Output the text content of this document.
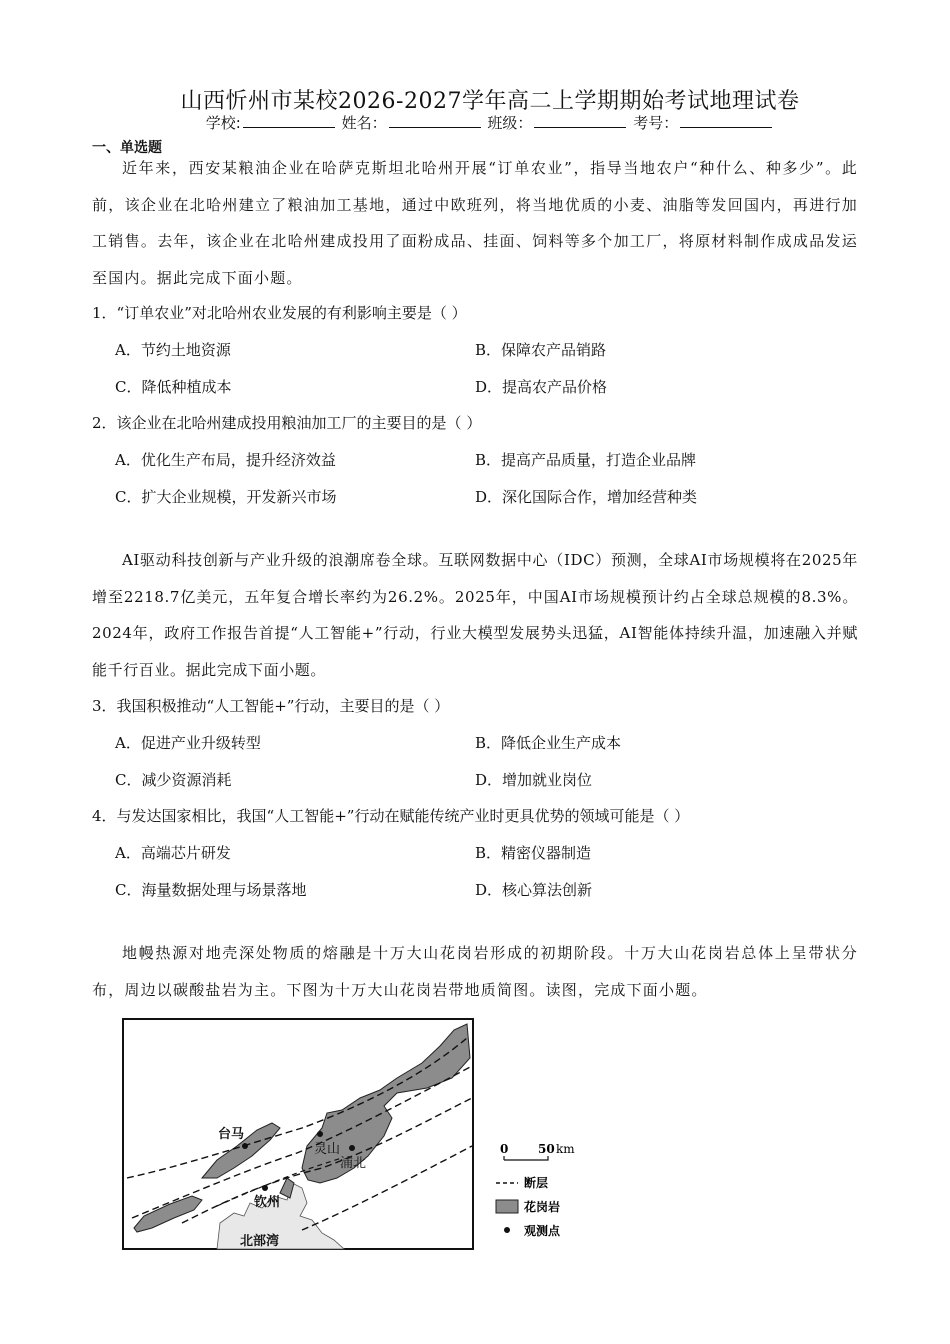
山西忻州市某校2026-2027学年高二上学期期始考试地理试卷
学校:	姓名：	班级：	考号：
一、单选题
近年来，西安某粮油企业在哈萨克斯坦北哈州开展“订单农业”，指导当地农户“种什么、种多少”。此前，该企业在北哈州建立了粮油加工基地，通过中欧班列，将当地优质的小麦、油脂等发回国内，再进行加工销售。去年，该企业在北哈州建成投用了面粉成品、挂面、饲料等多个加工厂，将原材料制作成成品发运至国内。据此完成下面小题。
1．“订单农业”对北哈州农业发展的有利影响主要是（ ）
A．节约土地资源	B．保障农产品销路
C．降低种植成本	D．提高农产品价格
2．该企业在北哈州建成投用粮油加工厂的主要目的是（ ）
A．优化生产布局，提升经济效益	B．提高产品质量，打造企业品牌
C．扩大企业规模，开发新兴市场	D．深化国际合作，增加经营种类
AI驱动科技创新与产业升级的浪潮席卷全球。互联网数据中心（IDC）预测，全球AI市场规模将在2025年增至2218.7亿美元，五年复合增长率约为26.2%。2025年，中国AI市场规模预计约占全球总规模的8.3%。2024年，政府工作报告首提“人工智能+”行动，行业大模型发展势头迅猛，AI智能体持续升温，加速融入并赋能千行百业。据此完成下面小题。
3．我国积极推动“人工智能+”行动，主要目的是（ ）
A．促进产业升级转型	B．降低企业生产成本
C．减少资源消耗	D．增加就业岗位
4．与发达国家相比，我国“人工智能+”行动在赋能传统产业时更具优势的领域可能是（ ）
A．高端芯片研发	B．精密仪器制造
C．海量数据处理与场景落地	D．核心算法创新
地幔热源对地壳深处物质的熔融是十万大山花岗岩形成的初期阶段。十万大山花岗岩总体上呈带状分布，周边以碳酸盐岩为主。下图为十万大山花岗岩带地质简图。读图，完成下面小题。
台马
灵山
浦北
钦州
北部湾
0 50 km
断层
花岗岩
观测点
